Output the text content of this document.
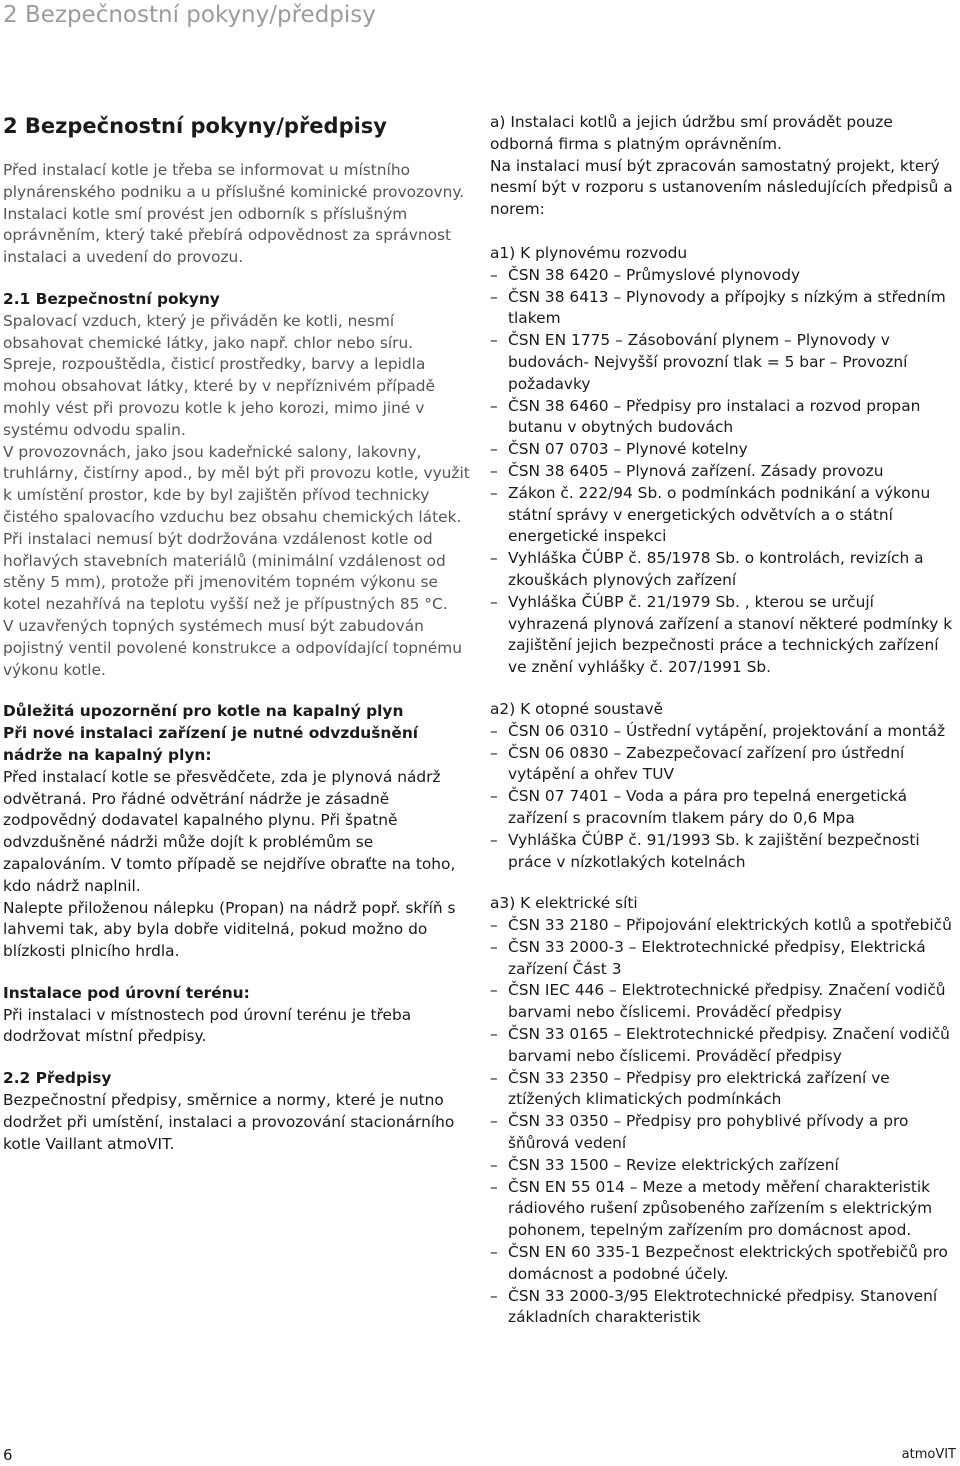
2 Bezpečnostní pokyny/předpisy
2 Bezpečnostní pokyny/předpisy

Před instalací kotle je třeba se informovat u místního plynárenského podniku a u příslušné kominické provozovny.

Instalaci kotle smí provést jen odborník s příslušným oprávněním, který také přebírá odpovědnost za správnost instalaci a uvedení do provozu.

2.1 Bezpečnostní pokyny

Spalovací vzduch, který je přiváděn ke kotli, nesmí obsahovat chemické látky, jako např. chlor nebo síru.

Spreje, rozpouštědla, čisticí prostředky, barvy a lepidla mohou obsahovat látky, které by v nepříznivém případě mohly vést při provozu kotle k jeho korozi, mimo jiné v systému odvodu spalin.

V provozovnách, jako jsou kadeřnické salony, lakovny, truhlárny, čistírny apod., by měl být při provozu kotle, využit k umístění prostor, kde by byl zajištěn přívod technicky čistého spalovacího vzduchu bez obsahu chemických látek.

Při instalaci nemusí být dodržována vzdálenost kotle od hořlavých stavebních materiálů (minimální vzdálenost od stěny 5 mm), protože při jmenovitém topném výkonu se kotel nezahřívá na teplotu vyšší než je přípustných 85 °C.

V uzavřených topných systémech musí být zabudován pojistný ventil povolené konstrukce a odpovídající topnému výkonu kotle.

Důležitá upozornění pro kotle na kapalný plyn

Při nové instalaci zařízení je nutné odvzdušnění nádrže na kapalný plyn:

Před instalací kotle se přesvědčete, zda je plynová nádrž odvětraná. Pro řádné odvětrání nádrže je zásadně zodpovědný dodavatel kapalného plynu. Při špatně odvzdušněné nádrži může dojít k problémům se zapalováním. V tomto případě se nejdříve obraťte na toho, kdo nádrž naplnil.

Nalepte přiloženou nálepku (Propan) na nádrž popř. skříň s lahvemi tak, aby byla dobře viditelná, pokud možno do blízkosti plnicího hrdla.

Instalace pod úrovní terénu:

Při instalaci v místnostech pod úrovní terénu je třeba dodržovat místní předpisy.

2.2 Předpisy

Bezpečnostní předpisy, směrnice a normy, které je nutno dodržet při umístění, instalaci a provozování stacionárního kotle Vaillant atmoVIT.

a) Instalaci kotlů a jejich údržbu smí provádět pouze odborná firma s platným oprávněním.

Na instalaci musí být zpracován samostatný projekt, který nesmí být v rozporu s ustanovením následujících předpisů a norem:

a1) K plynovému rozvodu

– ČSN 38 6420 – Průmyslové plynovody
– ČSN 38 6413 – Plynovody a přípojky s nízkým a středním tlakem
– ČSN EN 1775 – Zásobování plynem – Plynovody v budovách- Nejvyšší provozní tlak = 5 bar – Provozní požadavky
– ČSN 38 6460 – Předpisy pro instalaci a rozvod propan butanu v obytných budovách
– ČSN 07 0703 – Plynové kotelny
– ČSN 38 6405 – Plynová zařízení. Zásady provozu
– Zákon č. 222/94 Sb. o podmínkách podnikání a výkonu státní správy v energetických odvětvích a o státní energetické inspekci
– Vyhláška ČÚBP č. 85/1978 Sb. o kontrolách, revizích a zkouškách plynových zařízení
– Vyhláška ČÚBP č. 21/1979 Sb. , kterou se určují vyhrazená plynová zařízení a stanoví některé podmínky k zajištění jejich bezpečnosti práce a technických zařízení ve znění vyhlášky č. 207/1991 Sb.

a2) K otopné soustavě

– ČSN 06 0310 – Ústřední vytápění, projektování a montáž
– ČSN 06 0830 – Zabezpečovací zařízení pro ústřední vytápění a ohřev TUV
– ČSN 07 7401 – Voda a pára pro tepelná energetická zařízení s pracovním tlakem páry do 0,6 Mpa
– Vyhláška ČÚBP č. 91/1993 Sb. k zajištění bezpečnosti práce v nízkotlakých kotelnách

a3) K elektrické síti

– ČSN 33 2180 – Připojování elektrických kotlů a spotřebičů
– ČSN 33 2000-3 – Elektrotechnické předpisy, Elektrická zařízení Část 3
– ČSN IEC 446 – Elektrotechnické předpisy. Značení vodičů barvami nebo číslicemi. Prováděcí předpisy
– ČSN 33 0165 – Elektrotechnické předpisy. Značení vodičů barvami nebo číslicemi. Prováděcí předpisy
– ČSN 33 2350 – Předpisy pro elektrická zařízení ve ztížených klimatických podmínkách
– ČSN 33 0350 – Předpisy pro pohyblivé přívody a pro šňůrová vedení
– ČSN 33 1500 – Revize elektrických zařízení
– ČSN EN 55 014 – Meze a metody měření charakteristik rádiového rušení způsobeného zařízením s elektrickým pohonem, tepelným zařízením pro domácnost apod.
– ČSN EN 60 335-1 Bezpečnost elektrických spotřebičů pro domácnost a podobné účely.
– ČSN 33 2000-3/95 Elektrotechnické předpisy. Stanovení základních charakteristik
6	atmoVIT
